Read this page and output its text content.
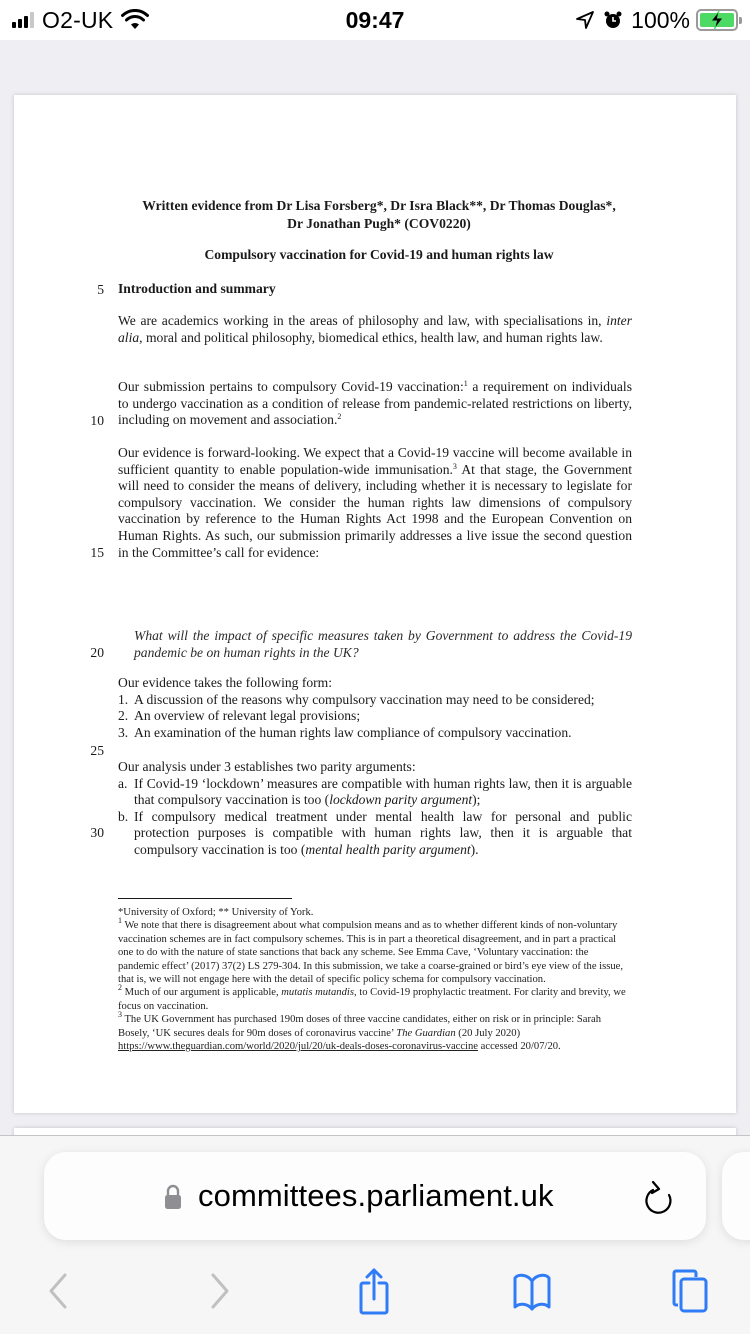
O2-UK	09:47	100%
Written evidence from Dr Lisa Forsberg*, Dr Isra Black**, Dr Thomas Douglas*,
Dr Jonathan Pugh* (COV0220)
Compulsory vaccination for Covid-19 and human rights law
5
10
15
20
25
30
Introduction and summary
We are academics working in the areas of philosophy and law, with specialisations in, inter alia, moral and political philosophy, biomedical ethics, health law, and human rights law.
Our submission pertains to compulsory Covid-19 vaccination:$^1$ a requirement on individuals to undergo vaccination as a condition of release from pandemic-related restrictions on liberty, including on movement and association.$^2$
Our evidence is forward-looking. We expect that a Covid-19 vaccine will become available in sufficient quantity to enable population-wide immunisation.$^3$ At that stage, the Government will need to consider the means of delivery, including whether it is necessary to legislate for compulsory vaccination. We consider the human rights law dimensions of compulsory vaccination by reference to the Human Rights Act 1998 and the European Convention on Human Rights. As such, our submission primarily addresses a live issue the second question in the Committee’s call for evidence:
What will the impact of specific measures taken by Government to address the Covid-19 pandemic be on human rights in the UK?
Our evidence takes the following form:
1. A discussion of the reasons why compulsory vaccination may need to be considered;
2. An overview of relevant legal provisions;
3. An examination of the human rights law compliance of compulsory vaccination.
Our analysis under 3 establishes two parity arguments:
a. If Covid-19 ‘lockdown’ measures are compatible with human rights law, then it is arguable that compulsory vaccination is too (lockdown parity argument);
b. If compulsory medical treatment under mental health law for personal and public protection purposes is compatible with human rights law, then it is arguable that compulsory vaccination is too (mental health parity argument).

*University of Oxford; ** University of York.

$^1$ We note that there is disagreement about what compulsion means and as to whether different kinds of non-voluntary vaccination schemes are in fact compulsory schemes. This is in part a theoretical disagreement, and in part a practical one to do with the nature of state sanctions that back any scheme. See Emma Cave, ‘Voluntary vaccination: the pandemic effect’ (2017) 37(2) LS 279-304. In this submission, we take a coarse-grained or bird’s eye view of the issue, that is, we will not engage here with the detail of specific policy schema for compulsory vaccination.

$^2$ Much of our argument is applicable, mutatis mutandis, to Covid-19 prophylactic treatment. For clarity and brevity, we focus on vaccination.

$^3$ The UK Government has purchased 190m doses of three vaccine candidates, either on risk or in principle: Sarah Bosely, ‘UK secures deals for 90m doses of coronavirus vaccine’ The Guardian (20 July 2020) https://www.theguardian.com/world/2020/jul/20/uk-deals-doses-coronavirus-vaccine accessed 20/07/20.

committees.parliament.uk
